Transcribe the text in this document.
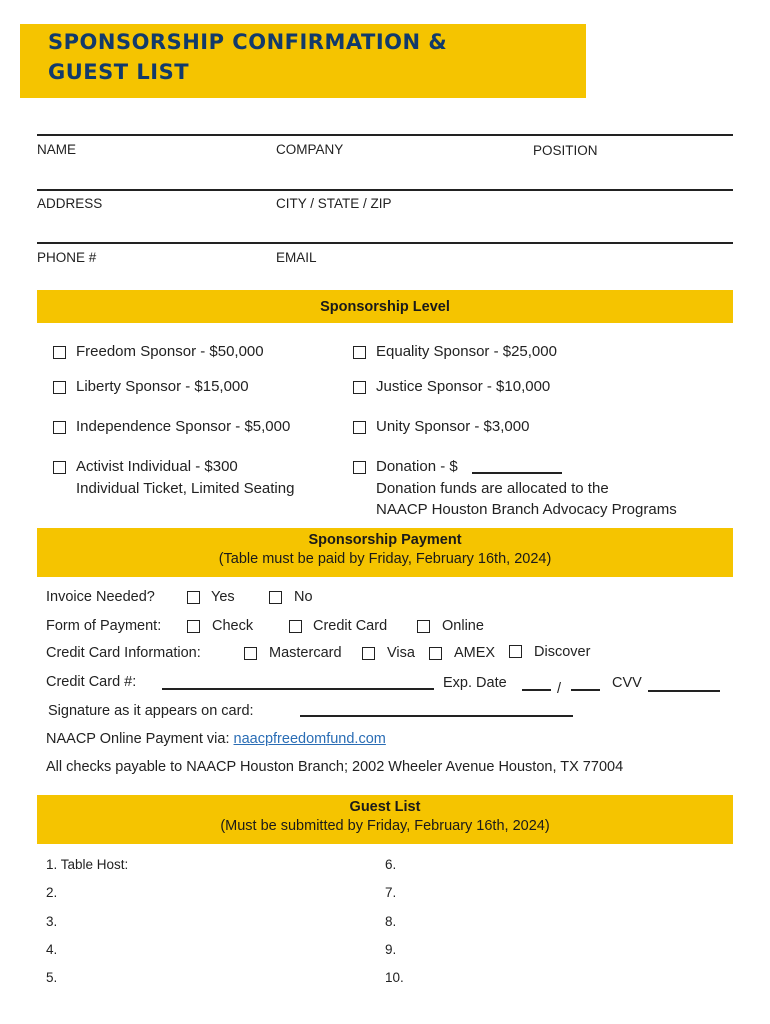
SPONSORSHIP CONFIRMATION &
GUEST LIST
NAME	COMPANY	POSITION
ADDRESS	CITY / STATE / ZIP
PHONE #	EMAIL
Sponsorship Level
Freedom Sponsor - $50,000	Equality Sponsor - $25,000
Liberty Sponsor - $15,000	Justice Sponsor - $10,000
Independence Sponsor - $5,000	Unity Sponsor - $3,000
Activist Individual - $300
Individual Ticket, Limited Seating
Donation - $
Donation funds are allocated to the
NAACP Houston Branch Advocacy Programs
Sponsorship Payment
(Table must be paid by Friday, February 16th, 2024)
Invoice Needed?	Yes	No
Form of Payment:	Check	Credit Card	Online
Credit Card Information:	Mastercard	Visa	AMEX	Discover
Credit Card #:	Exp. Date	/	CVV
Signature as it appears on card:
NAACP Online Payment via: naacpfreedomfund.com
All checks payable to NAACP Houston Branch; 2002 Wheeler Avenue Houston, TX 77004
Guest List
(Must be submitted by Friday, February 16th, 2024)
1. Table Host:
2.
3.
4.
5.
6.
7.
8.
9.
10.
